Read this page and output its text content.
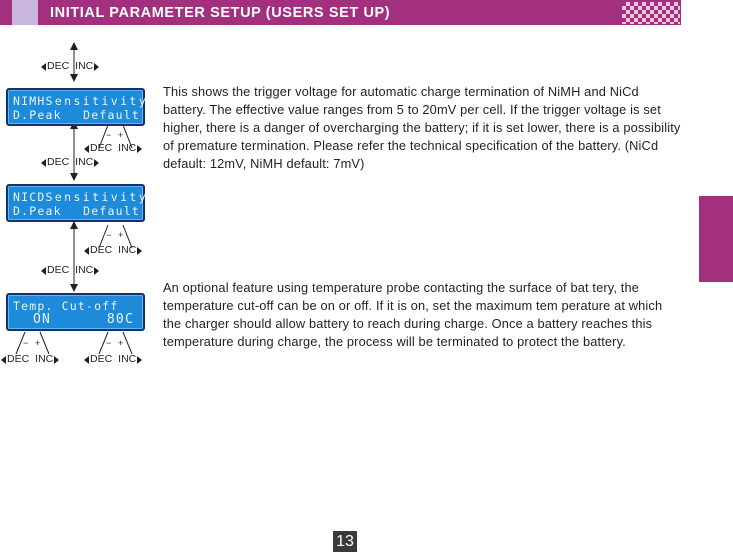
INITIAL PARAMETER SETUP (USERS SET UP)
− +
− +
− +	− +
DEC INC
DEC INC
DEC INC
DEC INC
DEC INC
DEC INC	DEC INC
NIMH Sensitivity
D.Peak Default
NICD Sensitivity
D.Peak Default
Temp. Cut-off
ON	80C
This shows the trigger voltage for automatic charge termination of NiMH and NiCd battery. The effective value ranges from 5 to 20mV per cell. If the trigger voltage is set higher, there is a danger of overcharging the battery; if it is set lower, there is a possibility of premature termination. Please refer the technical specification of the battery. (NiCd default: 12mV, NiMH default: 7mV)
An optional feature using temperature probe contacting the surface of bat tery, the temperature cut-off can be on or off. If it is on, set the maximum tem perature at which the charger should allow battery to reach during charge. Once a battery reaches this temperature during charge, the process will be terminated to protect the battery.
13
